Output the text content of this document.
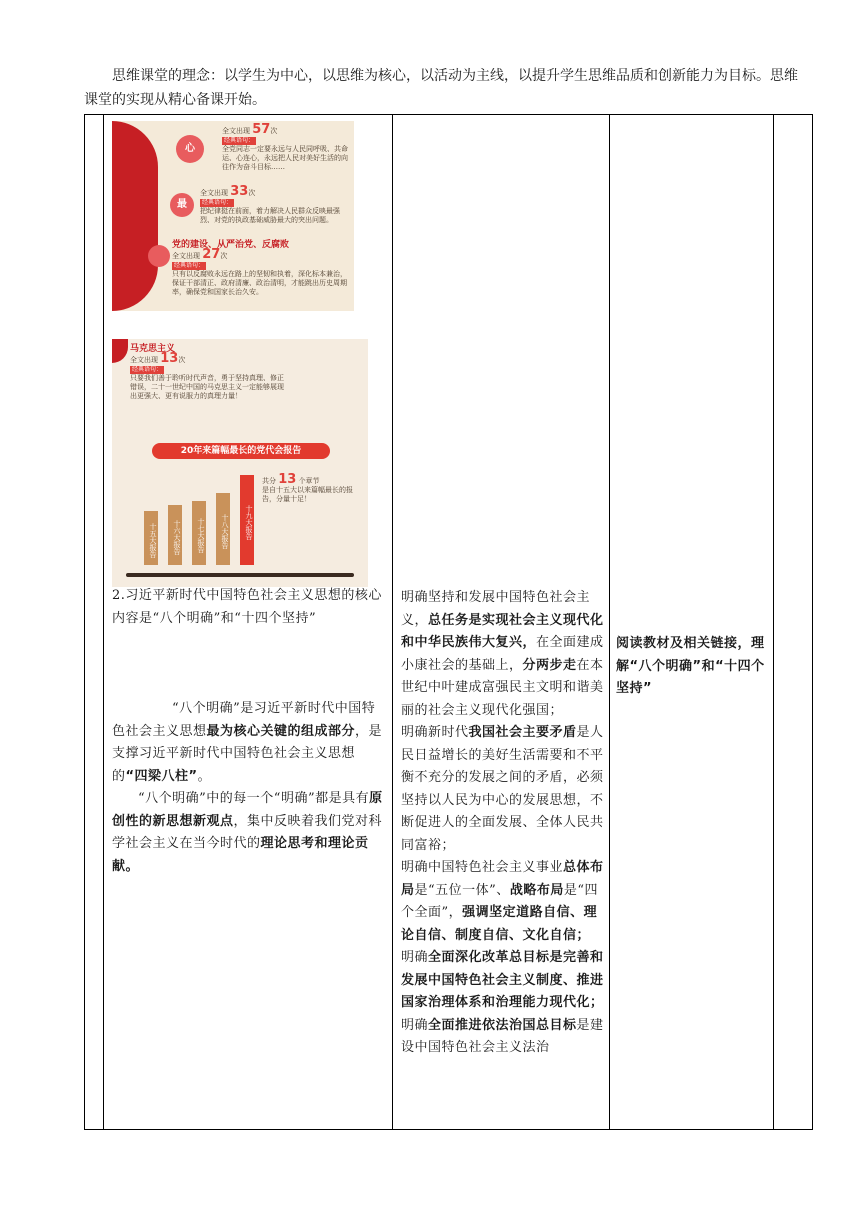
思维课堂的理念：以学生为中心，以思维为核心，以活动为主线，以提升学生思维品质和创新能力为目标。思维课堂的实现从精心备课开始。

心
全文出现 57次
经典语句：
全党同志一定要永远与人民同呼吸、共命运、心连心，永远把人民对美好生活的向往作为奋斗目标……
最
全文出现 33次
经典语句：
把纪律挺在前面，着力解决人民群众反映最强烈、对党的执政基础威胁最大的突出问题。
党的建设、从严治党、反腐败
全文出现 27次
经典语句：
只有以反腐败永远在路上的坚韧和执着，深化标本兼治，保证干部清正、政府清廉、政治清明，才能跳出历史周期率，确保党和国家长治久安。
马克思主义
全文出现 13次
经典语句：
只要我们善于聆听时代声音，勇于坚持真理、修正错误，二十一世纪中国的马克思主义一定能够展现出更强大、更有说服力的真理力量！
20年来篇幅最长的党代会报告
共分 13 个章节
是自十五大以来篇幅最长的报告，分量十足！
十五大报告	十六大报告	十七大报告	十八大报告	十九大报告

2.习近平新时代中国特色社会主义思想的核心内容是“八个明确”和“十四个坚持”

“八个明确”是习近平新时代中国特色社会主义思想最为核心关键的组成部分，是支撑习近平新时代中国特色社会主义思想的“四梁八柱”。

“八个明确”中的每一个“明确”都是具有原创性的新思想新观点，集中反映着我们党对科学社会主义在当今时代的理论思考和理论贡献。

明确坚持和发展中国特色社会主义，总任务是实现社会主义现代化和中华民族伟大复兴，在全面建成小康社会的基础上，分两步走在本世纪中叶建成富强民主文明和谐美丽的社会主义现代化强国；

明确新时代我国社会主要矛盾是人民日益增长的美好生活需要和不平衡不充分的发展之间的矛盾，必须坚持以人民为中心的发展思想，不断促进人的全面发展、全体人民共同富裕；

明确中国特色社会主义事业总体布局是“五位一体”、战略布局是“四个全面”，强调坚定道路自信、理论自信、制度自信、文化自信；

明确全面深化改革总目标是完善和发展中国特色社会主义制度、推进国家治理体系和治理能力现代化；

明确全面推进依法治国总目标是建设中国特色社会主义法治

阅读教材及相关链接，理解“八个明确”和“十四个坚持”
